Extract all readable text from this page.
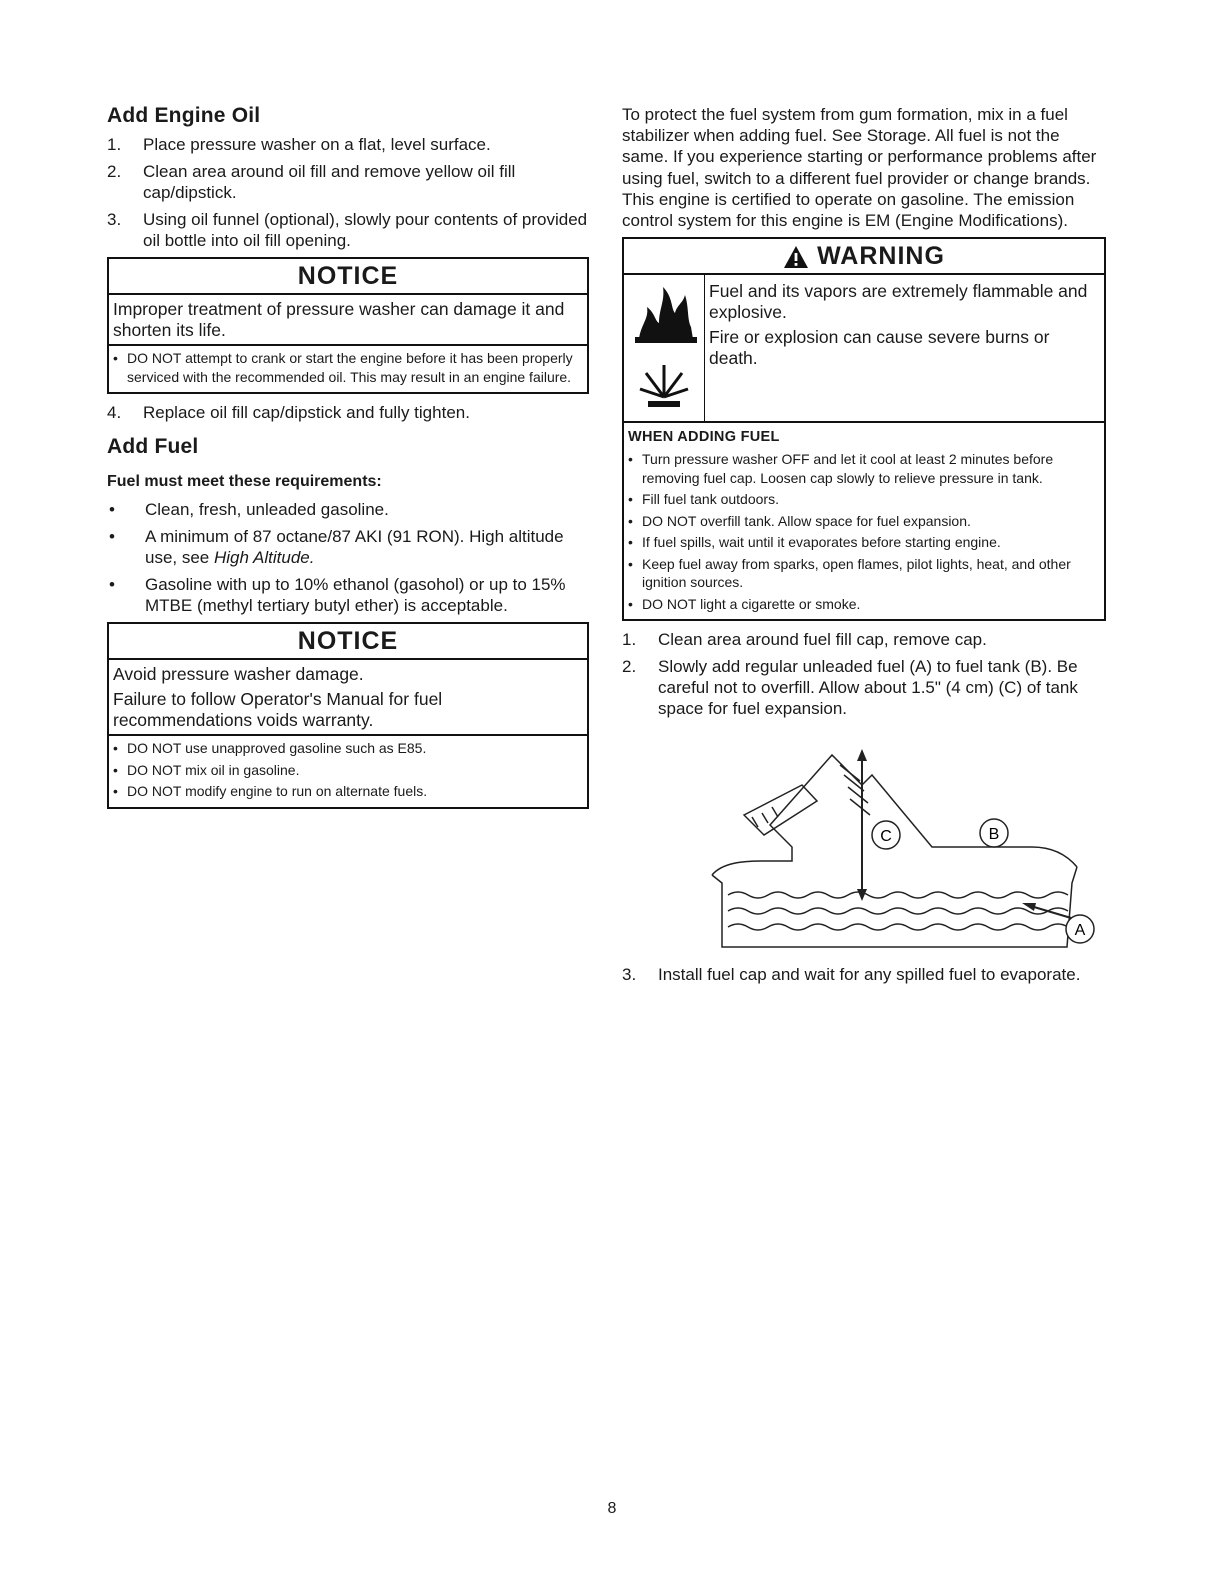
Add Engine Oil
1.	Place pressure washer on a flat, level surface.
2.	Clean area around oil fill and remove yellow oil fill cap/dipstick.
3.	Using oil funnel (optional), slowly pour contents of provided oil bottle into oil fill opening.
NOTICE

Improper treatment of pressure washer can damage it and shorten its life.

• DO NOT attempt to crank or start the engine before it has been properly serviced with the recommended oil. This may result in an engine failure.
4.	Replace oil fill cap/dipstick and fully tighten.
Add Fuel
Fuel must meet these requirements:
•	Clean, fresh, unleaded gasoline.
•	A minimum of 87 octane/87 AKI (91 RON). High altitude use, see High Altitude.
•	Gasoline with up to 10% ethanol (gasohol) or up to 15% MTBE (methyl tertiary butyl ether) is acceptable.
NOTICE

Avoid pressure washer damage.

Failure to follow Operator's Manual for fuel recommendations voids warranty.

• DO NOT use unapproved gasoline such as E85.
• DO NOT mix oil in gasoline.
• DO NOT modify engine to run on alternate fuels.

To protect the fuel system from gum formation, mix in a fuel stabilizer when adding fuel. See Storage. All fuel is not the same. If you experience starting or performance problems after using fuel, switch to a different fuel provider or change brands. This engine is certified to operate on gasoline. The emission control system for this engine is EM (Engine Modifications).

WARNING

Fuel and its vapors are extremely flammable and explosive.

Fire or explosion can cause severe burns or death.

WHEN ADDING FUEL
• Turn pressure washer OFF and let it cool at least 2 minutes before removing fuel cap. Loosen cap slowly to relieve pressure in tank.
• Fill fuel tank outdoors.
• DO NOT overfill tank. Allow space for fuel expansion.
• If fuel spills, wait until it evaporates before starting engine.
• Keep fuel away from sparks, open flames, pilot lights, heat, and other ignition sources.
• DO NOT light a cigarette or smoke.
1.	Clean area around fuel fill cap, remove cap.
2.	Slowly add regular unleaded fuel (A) to fuel tank (B). Be careful not to overfill. Allow about 1.5" (4 cm) (C) of tank space for fuel expansion.
C	B
A
3.	Install fuel cap and wait for any spilled fuel to evaporate.
8
